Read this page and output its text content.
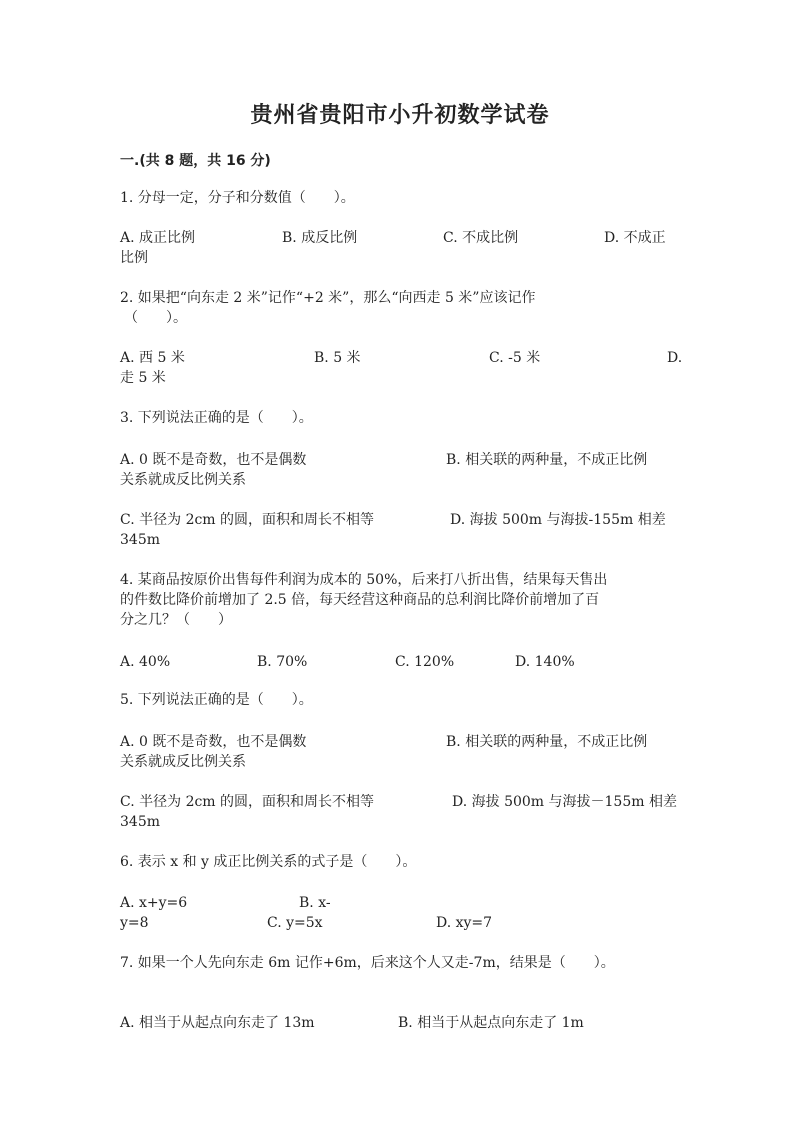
贵州省贵阳市小升初数学试卷
一.(共 8 题，共 16 分)
1. 分母一定，分子和分数值（　　）。
A. 成正比例	B. 成反比例	C. 不成比例	D. 不成正
比例
2. 如果把“向东走 2 米”记作“+2 米”，那么“向西走 5 米”应该记作
（　　）。
A. 西 5 米	B. 5 米	C. -5 米	D.
走 5 米
3. 下列说法正确的是（　　）。
A. 0 既不是奇数，也不是偶数	B. 相关联的两种量，不成正比例
关系就成反比例关系
C. 半径为 2cm 的圆，面积和周长不相等	D. 海拔 500m 与海拔-155m 相差
345m
4. 某商品按原价出售每件利润为成本的 50%，后来打八折出售，结果每天售出
的件数比降价前增加了 2.5 倍，每天经营这种商品的总利润比降价前增加了百
分之几？（　　）
A. 40%	B. 70%	C. 120%	D. 140%
5. 下列说法正确的是（　　）。
A. 0 既不是奇数，也不是偶数	B. 相关联的两种量，不成正比例
关系就成反比例关系
C. 半径为 2cm 的圆，面积和周长不相等	D. 海拔 500m 与海拔－155m 相差
345m
6. 表示 x 和 y 成正比例关系的式子是（　　）。
A. x+y=6	B. x-
y=8	C. y=5x	D. xy=7
7. 如果一个人先向东走 6m 记作+6m，后来这个人又走-7m，结果是（　　）。
A. 相当于从起点向东走了 13m	B. 相当于从起点向东走了 1m
